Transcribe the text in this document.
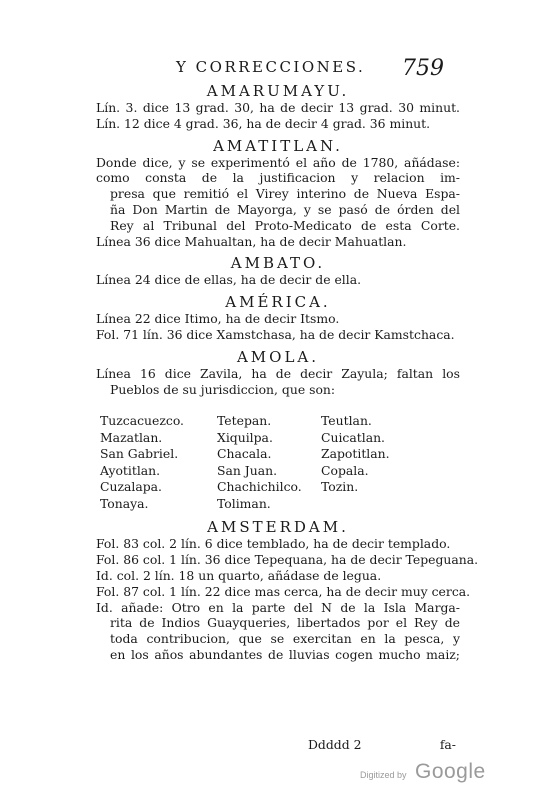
Y CORRECCIONES. 759
AMARUMAYU.
Lín. 3. dice 13 grad. 30, ha de decir 13 grad. 30 minut.
Lín. 12 dice 4 grad. 36, ha de decir 4 grad. 36 minut.
AMATITLAN.
Donde dice, y se experimentó el año de 1780, añádase: como consta de la justificacion y relacion im-
presa que remitió el Virey interino de Nueva Espa-
ña Don Martin de Mayorga, y se pasó de órden del
Rey al Tribunal del Proto-Medicato de esta Corte.
Línea 36 dice Mahualtan, ha de decir Mahuatlan.
AMBATO.
Línea 24 dice de ellas, ha de decir de ella.
AMÉRICA.
Línea 22 dice Itimo, ha de decir Itsmo.
Fol. 71 lín. 36 dice Xamstchasa, ha de decir Kamstchaca.
AMOLA.
Línea 16 dice Zavila, ha de decir Zayula; faltan los
Pueblos de su jurisdiccion, que son:
Tuzcacuezco.	Tetepan.	Teutlan.
Mazatlan.	Xiquilpa.	Cuicatlan.
San Gabriel.	Chacala.	Zapotitlan.
Ayotitlan.	San Juan.	Copala.
Cuzalapa.	Chachichilco.	Tozin.
Tonaya.	Toliman.
AMSTERDAM.
Fol. 83 col. 2 lín. 6 dice temblado, ha de decir templado.
Fol. 86 col. 1 lín. 36 dice Tepequana, ha de decir Tepeguana.
Id. col. 2 lín. 18 un quarto, añádase de legua.
Fol. 87 col. 1 lín. 22 dice mas cerca, ha de decir muy cerca.
Id. añade: Otro en la parte del N de la Isla Marga-
rita de Indios Guayqueries, libertados por el Rey de
toda contribucion, que se exercitan en la pesca, y
en los años abundantes de lluvias cogen mucho maiz;
Ddddd 2	fa-
Digitized by Google
